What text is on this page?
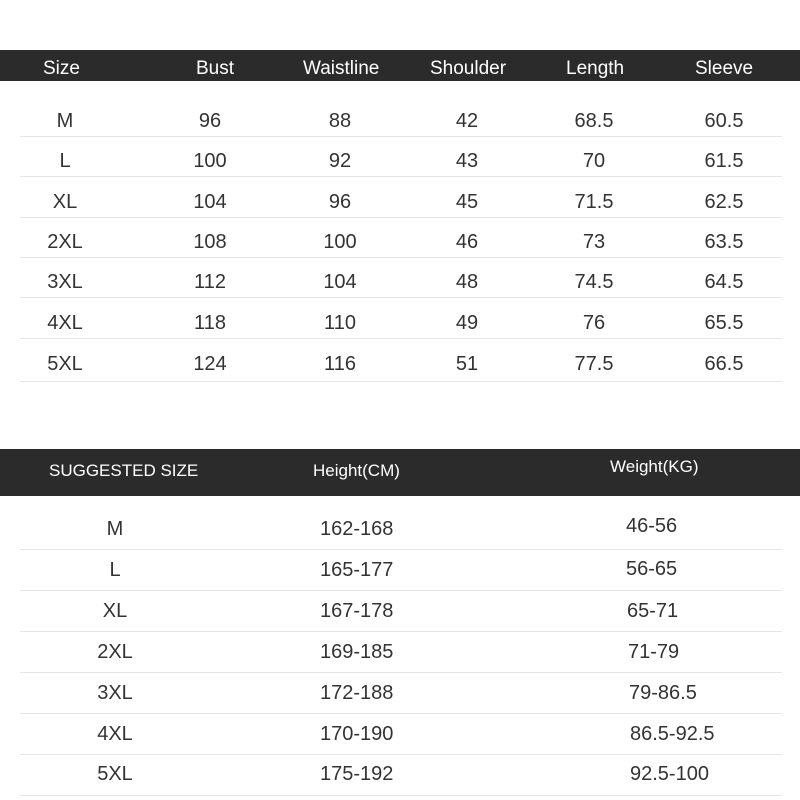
Size	Bust	Waistline	Shoulder	Length	Sleeve
M	96	88	42	68.5	60.5
L	100	92	43	70	61.5
XL	104	96	45	71.5	62.5
2XL	108	100	46	73	63.5
3XL	112	104	48	74.5	64.5
4XL	118	110	49	76	65.5
5XL	124	116	51	77.5	66.5
SUGGESTED SIZE	Height(CM)	Weight(KG)
M	162-168	46-56
L	165-177	56-65
XL	167-178	65-71
2XL	169-185	71-79
3XL	172-188	79-86.5
4XL	170-190	86.5-92.5
5XL	175-192	92.5-100
